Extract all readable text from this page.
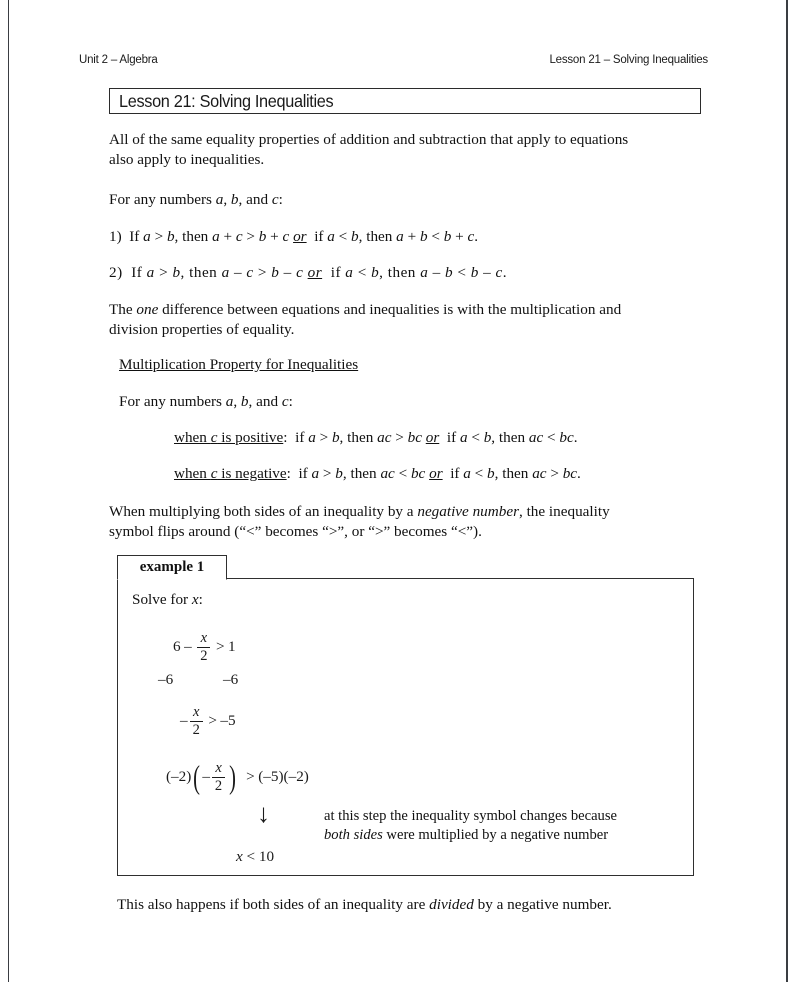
Unit 2 – Algebra	Lesson 21 – Solving Inequalities
Lesson 21: Solving Inequalities
All of the same equality properties of addition and subtraction that apply to equations
also apply to inequalities.
For any numbers a, b, and c:
1) If a > b, then a + c > b + c or if a < b, then a + b < b + c.
2) If a > b, then a – c > b – c or if a < b, then a – b < b – c.
The one difference between equations and inequalities is with the multiplication and
division properties of equality.
Multiplication Property for Inequalities
For any numbers a, b, and c:
when c is positive: if a > b, then ac > bc or if a < b, then ac < bc.
when c is negative: if a > b, then ac < bc or if a < b, then ac > bc.
When multiplying both sides of an inequality by a negative number, the inequality
symbol flips around (“<” becomes “>”, or “>” becomes “<”).
example 1
Solve for x:
$6 - \frac{x}{2} > 1$
–6	–6
– $\frac{x}{2} > -5$
(–2) ( – $\frac{x}{2}$ ) > (–5)(–2)
↓	at this step the inequality symbol changes because
both sides were multiplied by a negative number
x < 10
This also happens if both sides of an inequality are divided by a negative number.
